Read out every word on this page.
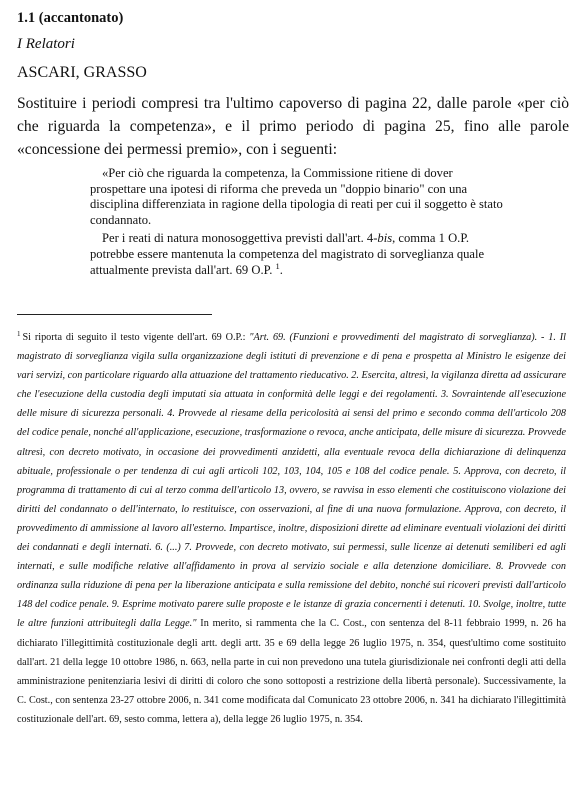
1.1 (accantonato)
I Relatori
ASCARI, GRASSO
Sostituire i periodi compresi tra l'ultimo capoverso di pagina 22, dalle parole «per ciò che riguarda la competenza», e il primo periodo di pagina 25, fino alle parole «concessione dei permessi premio», con i seguenti:

«Per ciò che riguarda la competenza, la Commissione ritiene di dover prospettare una ipotesi di riforma che preveda un "doppio binario" con una disciplina differenziata in ragione della tipologia di reati per cui il soggetto è stato condannato.

Per i reati di natura monosoggettiva previsti dall'art. 4-bis, comma 1 O.P. potrebbe essere mantenuta la competenza del magistrato di sorveglianza quale attualmente prevista dall'art. 69 O.P. $^1$.

$^1$ Si riporta di seguito il testo vigente dell'art. 69 O.P.: "Art. 69. (Funzioni e provvedimenti del magistrato di sorveglianza). - 1. Il magistrato di sorveglianza vigila sulla organizzazione degli istituti di prevenzione e di pena e prospetta al Ministro le esigenze dei vari servizi, con particolare riguardo alla attuazione del trattamento rieducativo. 2. Esercita, altresì, la vigilanza diretta ad assicurare che l'esecuzione della custodia degli imputati sia attuata in conformità delle leggi e dei regolamenti. 3. Sovraintende all'esecuzione delle misure di sicurezza personali. 4. Provvede al riesame della pericolosità ai sensi del primo e secondo comma dell'articolo 208 del codice penale, nonché all'applicazione, esecuzione, trasformazione o revoca, anche anticipata, delle misure di sicurezza. Provvede altresì, con decreto motivato, in occasione dei provvedimenti anzidetti, alla eventuale revoca della dichiarazione di delinquenza abituale, professionale o per tendenza di cui agli articoli 102, 103, 104, 105 e 108 del codice penale. 5. Approva, con decreto, il programma di trattamento di cui al terzo comma dell'articolo 13, ovvero, se ravvisa in esso elementi che costituiscono violazione dei diritti del condannato o dell'internato, lo restituisce, con osservazioni, al fine di una nuova formulazione. Approva, con decreto, il provvedimento di ammissione al lavoro all'esterno. Impartisce, inoltre, disposizioni dirette ad eliminare eventuali violazioni dei diritti dei condannati e degli internati. 6. (...) 7. Provvede, con decreto motivato, sui permessi, sulle licenze ai detenuti semiliberi ed agli internati, e sulle modifiche relative all'affidamento in prova al servizio sociale e alla detenzione domiciliare. 8. Provvede con ordinanza sulla riduzione di pena per la liberazione anticipata e sulla remissione del debito, nonché sui ricoveri previsti dall'articolo 148 del codice penale. 9. Esprime motivato parere sulle proposte e le istanze di grazia concernenti i detenuti. 10. Svolge, inoltre, tutte le altre funzioni attribuitegli dalla Legge." In merito, si rammenta che la C. Cost., con sentenza del 8-11 febbraio 1999, n. 26 ha dichiarato l'illegittimità costituzionale degli artt. degli artt. 35 e 69 della legge 26 luglio 1975, n. 354, quest'ultimo come sostituito dall'art. 21 della legge 10 ottobre 1986, n. 663, nella parte in cui non prevedono una tutela giurisdizionale nei confronti degli atti della amministrazione penitenziaria lesivi di diritti di coloro che sono sottoposti a restrizione della libertà personale). Successivamente, la C. Cost., con sentenza 23-27 ottobre 2006, n. 341 come modificata dal Comunicato 23 ottobre 2006, n. 341 ha dichiarato l'illegittimità costituzionale dell'art. 69, sesto comma, lettera a), della legge 26 luglio 1975, n. 354.
